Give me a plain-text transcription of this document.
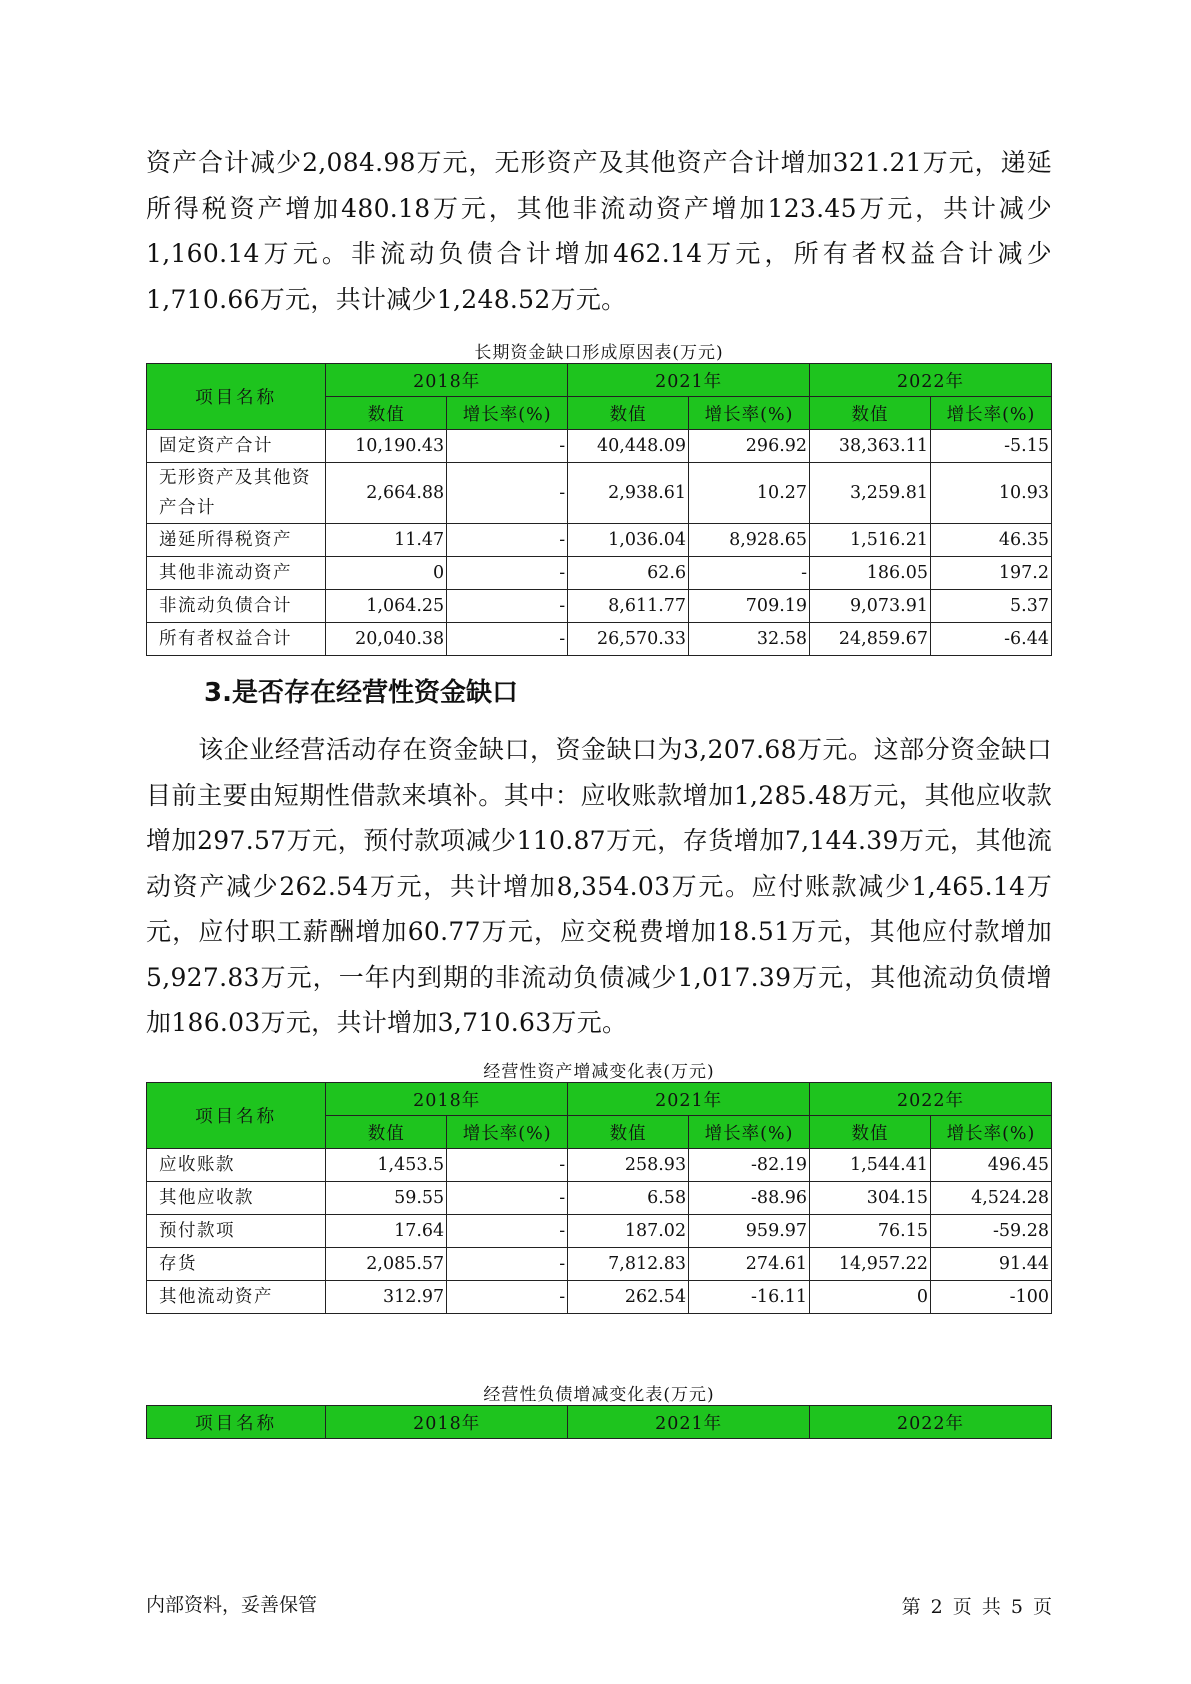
资产合计减少2,084.98万元，无形资产及其他资产合计增加321.21万元，递延所得税资产增加480.18万元，其他非流动资产增加123.45万元，共计减少1,160.14万元。非流动负债合计增加462.14万元，所有者权益合计减少1,710.66万元，共计减少1,248.52万元。

长期资金缺口形成原因表(万元)
项目名称	2018年		2021年		2022年	
	数值	增长率(%)	数值	增长率(%)	数值	增长率(%)
固定资产合计	10,190.43	-	40,448.09	296.92	38,363.11	-5.15
无形资产及其他资产合计	2,664.88	-	2,938.61	10.27	3,259.81	10.93
递延所得税资产	11.47	-	1,036.04	8,928.65	1,516.21	46.35
其他非流动资产	0	-	62.6	-	186.05	197.2
非流动负债合计	1,064.25	-	8,611.77	709.19	9,073.91	5.37
所有者权益合计	20,040.38	-	26,570.33	32.58	24,859.67	-6.44
3.是否存在经营性资金缺口

该企业经营活动存在资金缺口，资金缺口为3,207.68万元。这部分资金缺口目前主要由短期性借款来填补。其中：应收账款增加1,285.48万元，其他应收款增加297.57万元，预付款项减少110.87万元，存货增加7,144.39万元，其他流动资产减少262.54万元，共计增加8,354.03万元。应付账款减少1,465.14万元，应付职工薪酬增加60.77万元，应交税费增加18.51万元，其他应付款增加5,927.83万元，一年内到期的非流动负债减少1,017.39万元，其他流动负债增加186.03万元，共计增加3,710.63万元。

经营性资产增减变化表(万元)
项目名称	2018年		2021年		2022年	
	数值	增长率(%)	数值	增长率(%)	数值	增长率(%)
应收账款	1,453.5	-	258.93	-82.19	1,544.41	496.45
其他应收款	59.55	-	6.58	-88.96	304.15	4,524.28
预付款项	17.64	-	187.02	959.97	76.15	-59.28
存货	2,085.57	-	7,812.83	274.61	14,957.22	91.44
其他流动资产	312.97	-	262.54	-16.11	0	-100
经营性负债增减变化表(万元)
项目名称	2018年	2021年	2022年
内部资料，妥善保管	第 2 页 共 5 页
